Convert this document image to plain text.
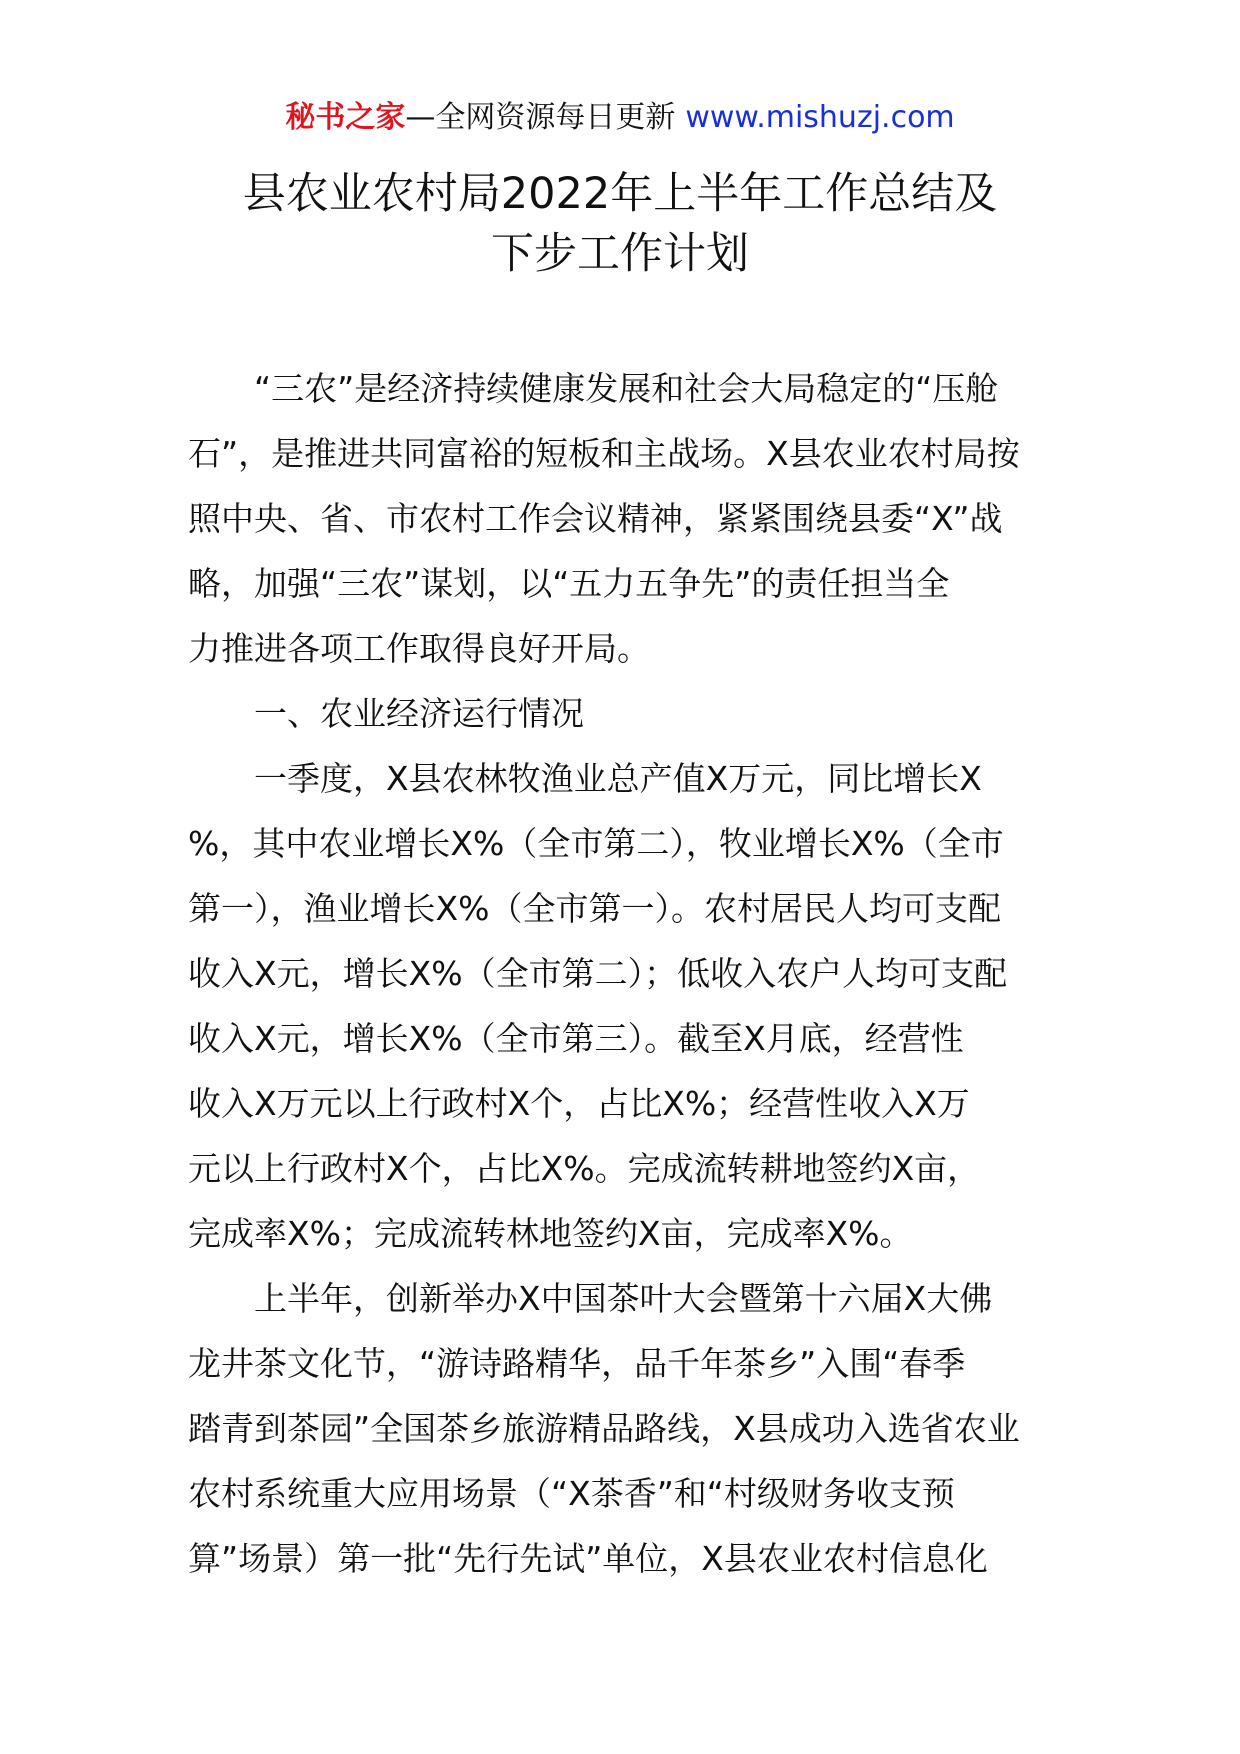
秘书之家—全网资源每日更新 www.mishuzj.com
县农业农村局2022年上半年工作总结及
下步工作计划

“三农”是经济持续健康发展和社会大局稳定的“压舱
石”，是推进共同富裕的短板和主战场。X县农业农村局按
照中央、省、市农村工作会议精神，紧紧围绕县委“X”战
略，加强“三农”谋划，以“五力五争先”的责任担当全
力推进各项工作取得良好开局。

一、农业经济运行情况

一季度，X县农林牧渔业总产值X万元，同比增长X
%，其中农业增长X%（全市第二），牧业增长X%（全市
第一），渔业增长X%（全市第一）。农村居民人均可支配
收入X元，增长X%（全市第二）；低收入农户人均可支配
收入X元，增长X%（全市第三）。截至X月底，经营性
收入X万元以上行政村X个，占比X%；经营性收入X万
元以上行政村X个，占比X%。完成流转耕地签约X亩，
完成率X%；完成流转林地签约X亩，完成率X%。

上半年，创新举办X中国茶叶大会暨第十六届X大佛
龙井茶文化节，“游诗路精华，品千年茶乡”入围“春季
踏青到茶园”全国茶乡旅游精品路线，X县成功入选省农业
农村系统重大应用场景（“X茶香”和“村级财务收支预
算”场景）第一批“先行先试”单位，X县农业农村信息化
